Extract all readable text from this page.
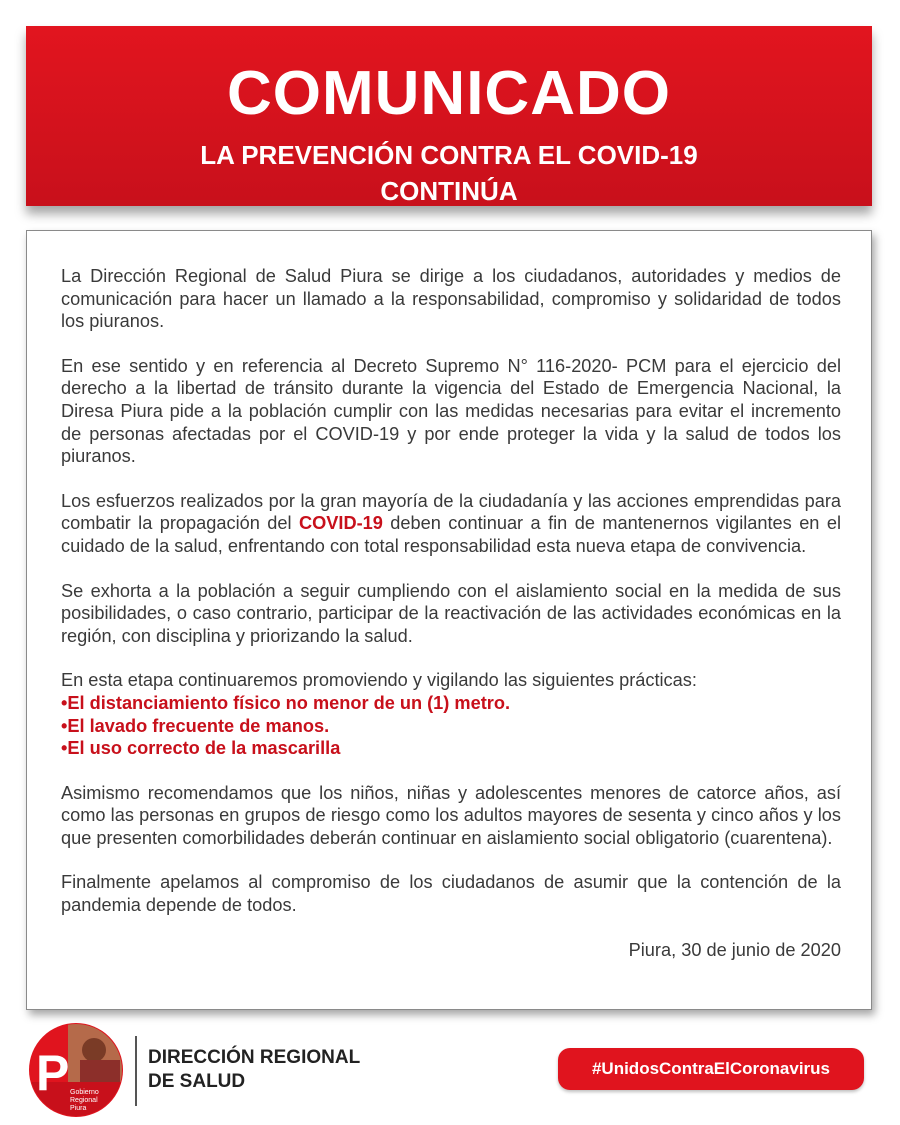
COMUNICADO
LA PREVENCIÓN CONTRA EL COVID-19
CONTINÚA

La Dirección Regional de Salud Piura se dirige a los ciudadanos, autoridades y medios de comunicación para hacer un llamado a la responsabilidad, compromiso y solidaridad de todos los piuranos.

En ese sentido y en referencia al Decreto Supremo N° 116-2020- PCM para el ejercicio del derecho a la libertad de tránsito durante la vigencia del Estado de Emergencia Nacional, la Diresa Piura pide a la población cumplir con las medidas necesarias para evitar el incremento de personas afectadas por el COVID-19 y por ende proteger la vida y la salud de todos los piuranos.

Los esfuerzos realizados por la gran mayoría de la ciudadanía y las acciones emprendidas para combatir la propagación del COVID-19 deben continuar a fin de mantenernos vigilantes en el cuidado de la salud, enfrentando con total responsabilidad esta nueva etapa de convivencia.

Se exhorta a la población a seguir cumpliendo con el aislamiento social en la medida de sus posibilidades, o caso contrario, participar de la reactivación de las actividades económicas en la región, con disciplina y priorizando la salud.

En esta etapa continuaremos promoviendo y vigilando las siguientes prácticas:
•El distanciamiento físico no menor de un (1) metro.
•El lavado frecuente de manos.
•El uso correcto de la mascarilla

Asimismo recomendamos que los niños, niñas y adolescentes menores de catorce años, así como las personas en grupos de riesgo como los adultos mayores de sesenta y cinco años y los que presenten comorbilidades deberán continuar en aislamiento social obligatorio (cuarentena).

Finalmente apelamos al compromiso de los ciudadanos de asumir que la contención de la pandemia depende de todos.

Piura, 30 de junio de 2020
P Gobierno
Regional
Piura
DIRECCIÓN REGIONAL
DE SALUD
#UnidosContraElCoronavirus
